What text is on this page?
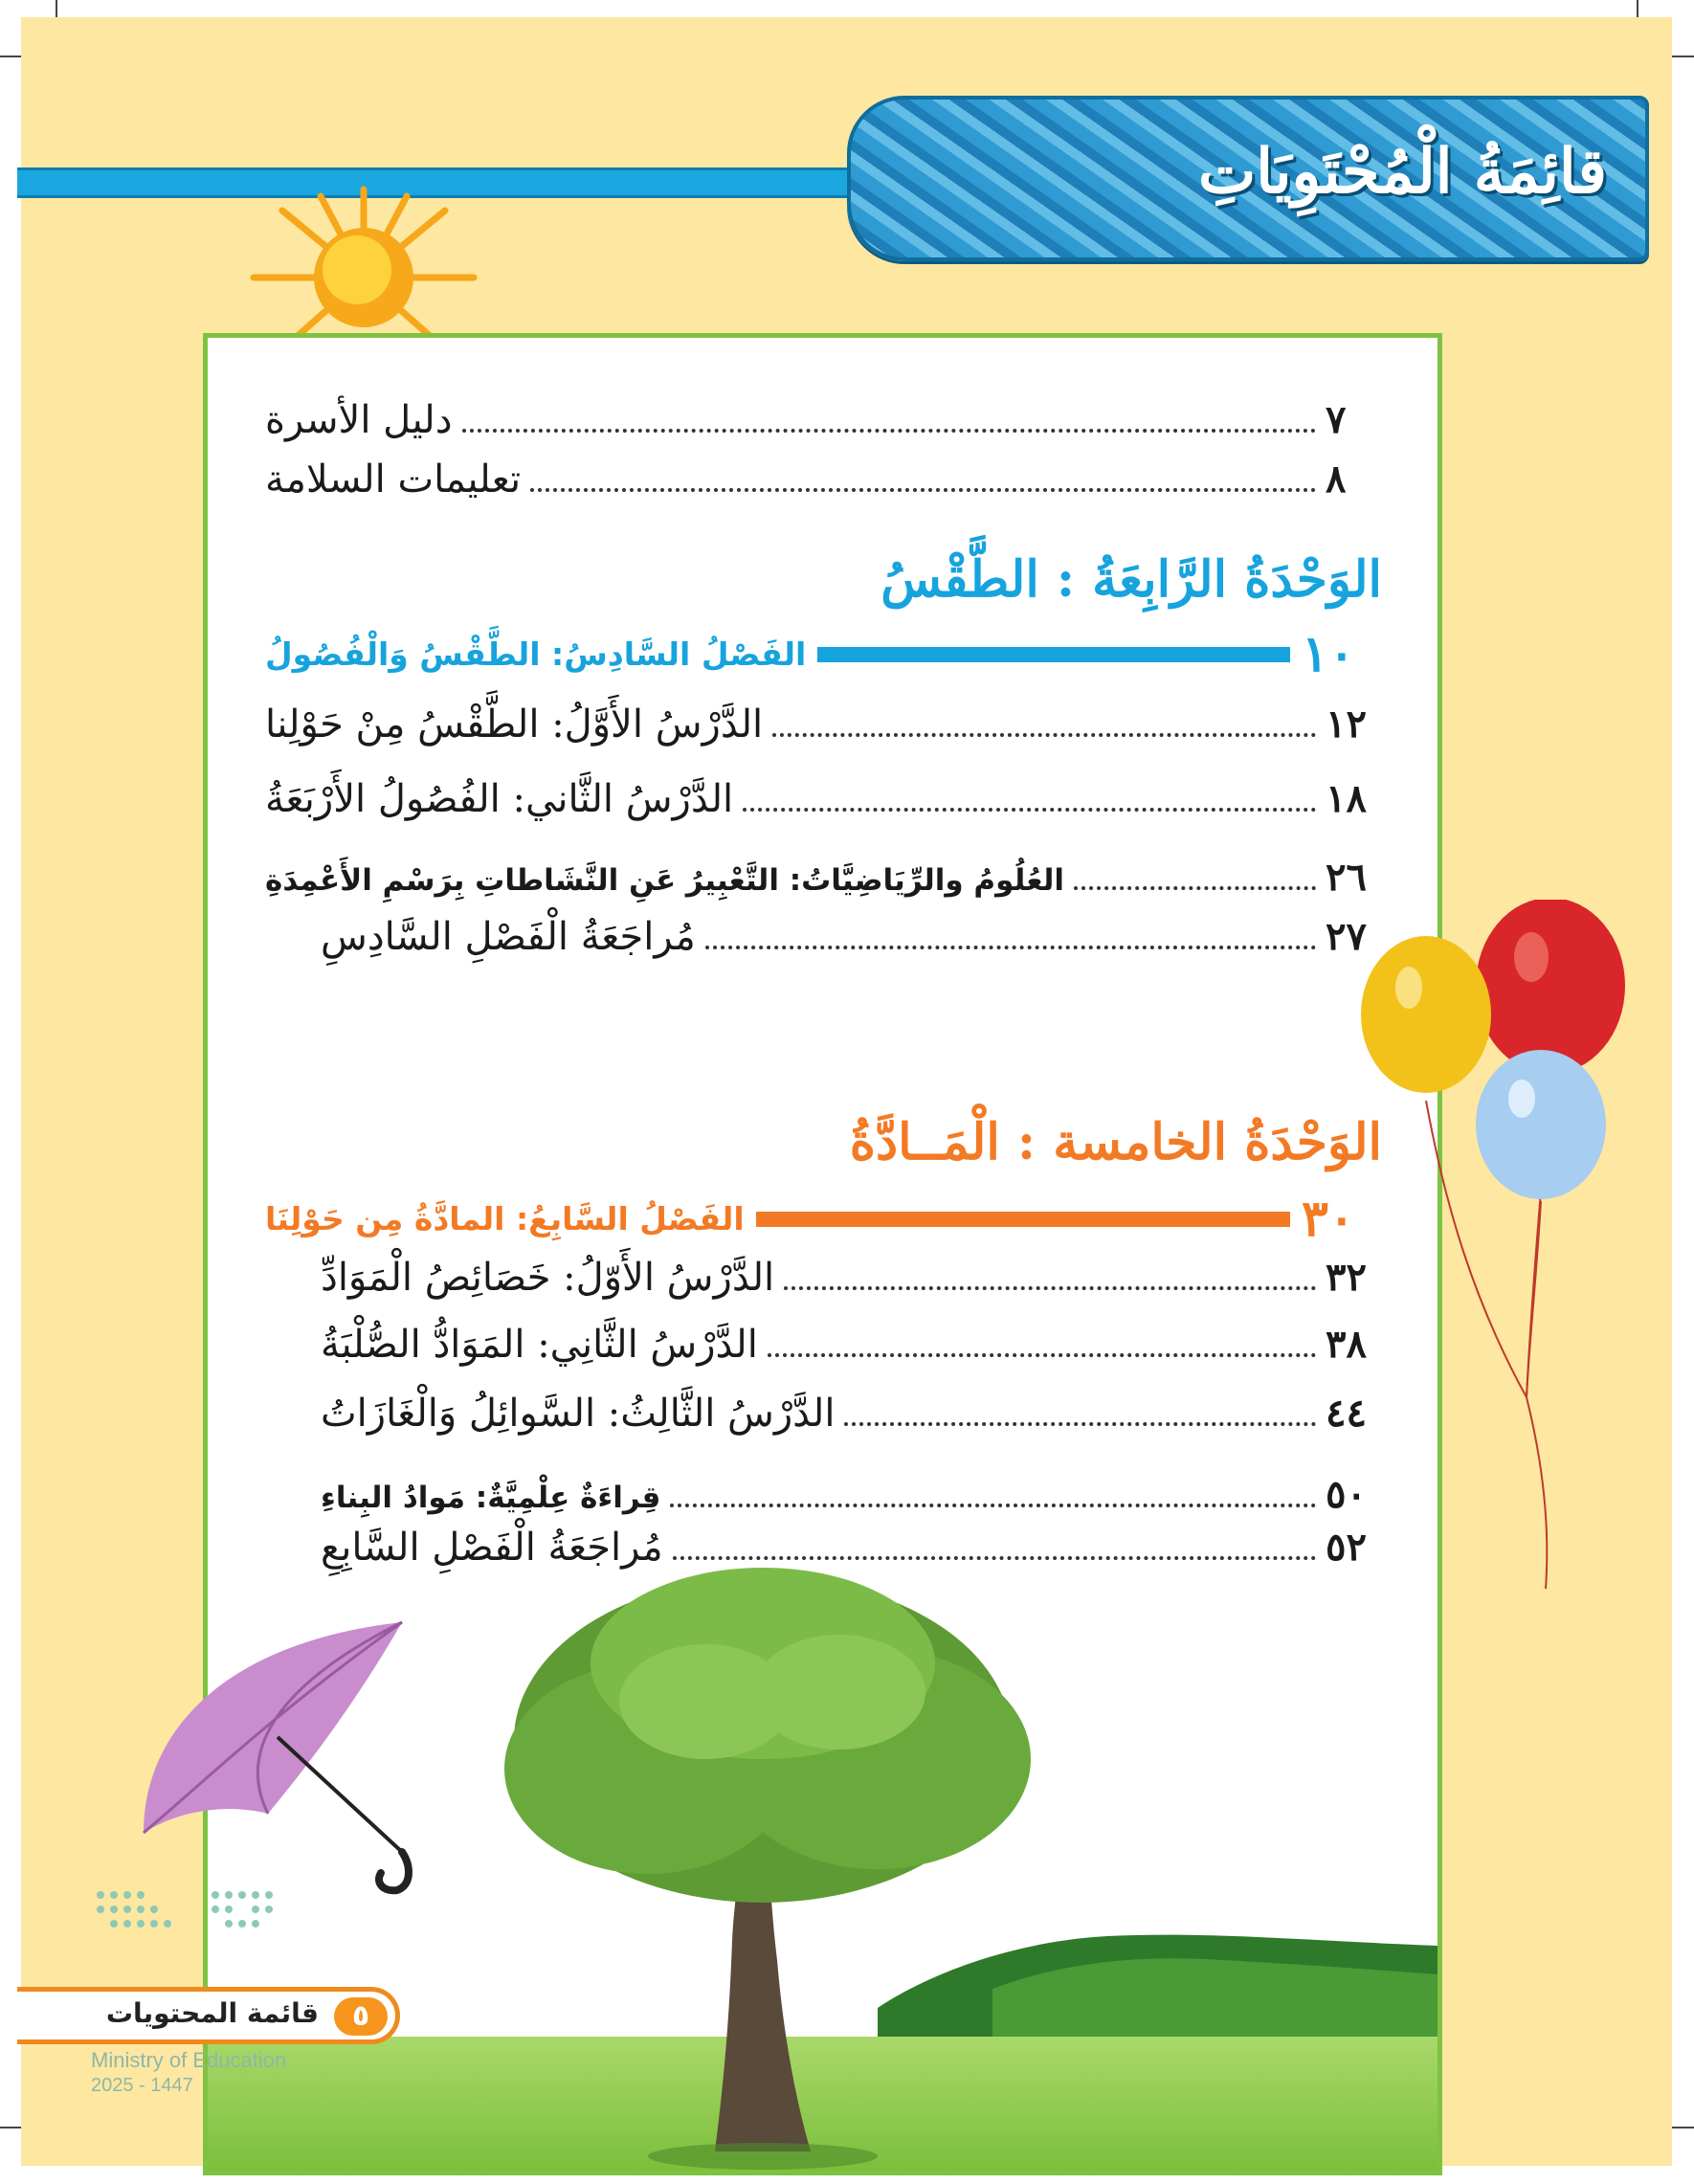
قائِمَةُ الْمُحْتَوِيَاتِ
دليل الأسرة	٧
تعليمات السلامة	٨
الوَحْدَةُ الرَّابِعَةُ : الطَّقْسُ
الفَصْلُ السَّادِسُ: الطَّقْسُ وَالْفُصُولُ	١٠
الدَّرْسُ الأَوَّلُ: الطَّقْسُ مِنْ حَوْلِنا	١٢
الدَّرْسُ الثَّاني: الفُصُولُ الأَرْبَعَةُ	١٨
العُلُومُ والرِّيَاضِيَّاتُ: التَّعْبِيرُ عَنِ النَّشَاطاتِ بِرَسْمِ الأَعْمِدَةِ	٢٦
مُراجَعَةُ الْفَصْلِ السَّادِسِ	٢٧
الوَحْدَةُ الخامسة : الْمَــادَّةُ
الفَصْلُ السَّابِعُ: المادَّةُ مِن حَوْلِنَا	٣٠
الدَّرْسُ الأَوّلُ: خَصَائِصُ الْمَوَادِّ	٣٢
الدَّرْسُ الثَّانِي: المَوَادُّ الصُّلْبَةُ	٣٨
الدَّرْسُ الثَّالِثُ: السَّوائِلُ وَالْغَازَاتُ	٤٤
قِراءَةٌ عِلْمِيَّةٌ: مَوادُ البِناءِ	٥٠
مُراجَعَةُ الْفَصْلِ السَّابِعِ	٥٢
٥
قائمة المحتويات
Ministry of Education
2025 - 1447
